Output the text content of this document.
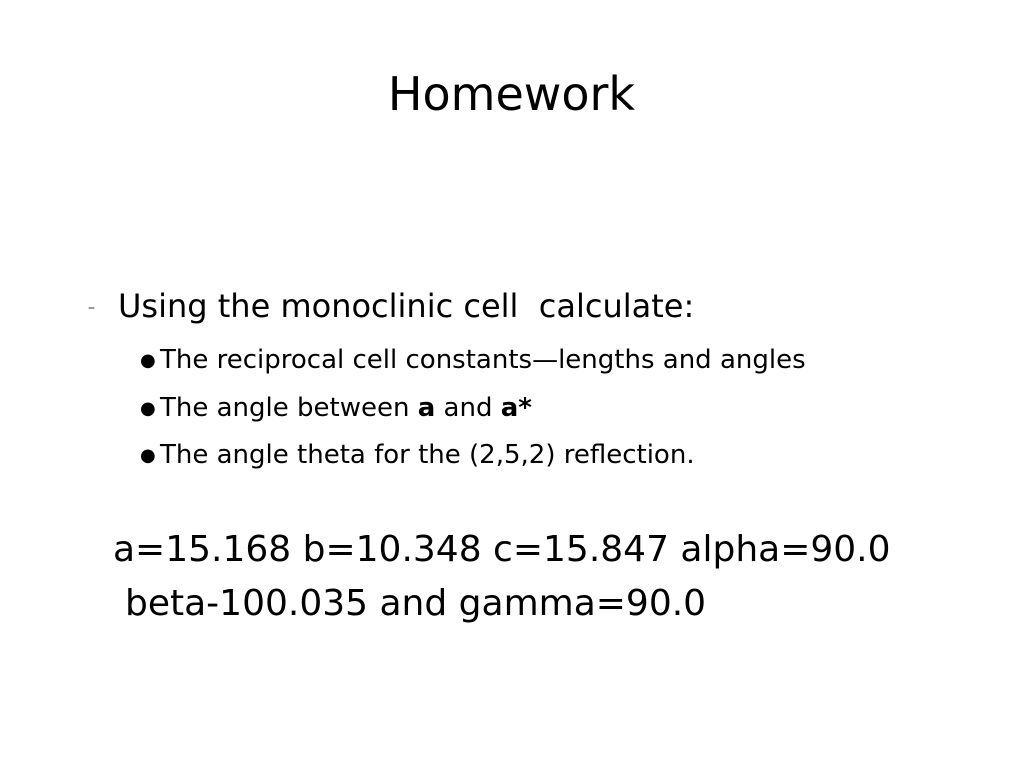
Homework
– Using the monoclinic cell  calculate:
● The reciprocal cell constants—lengths and angles
● The angle between a and a*
● The angle theta for the (2,5,2) reflection.
a=15.168 b=10.348 c=15.847 alpha=90.0
beta-100.035 and gamma=90.0
